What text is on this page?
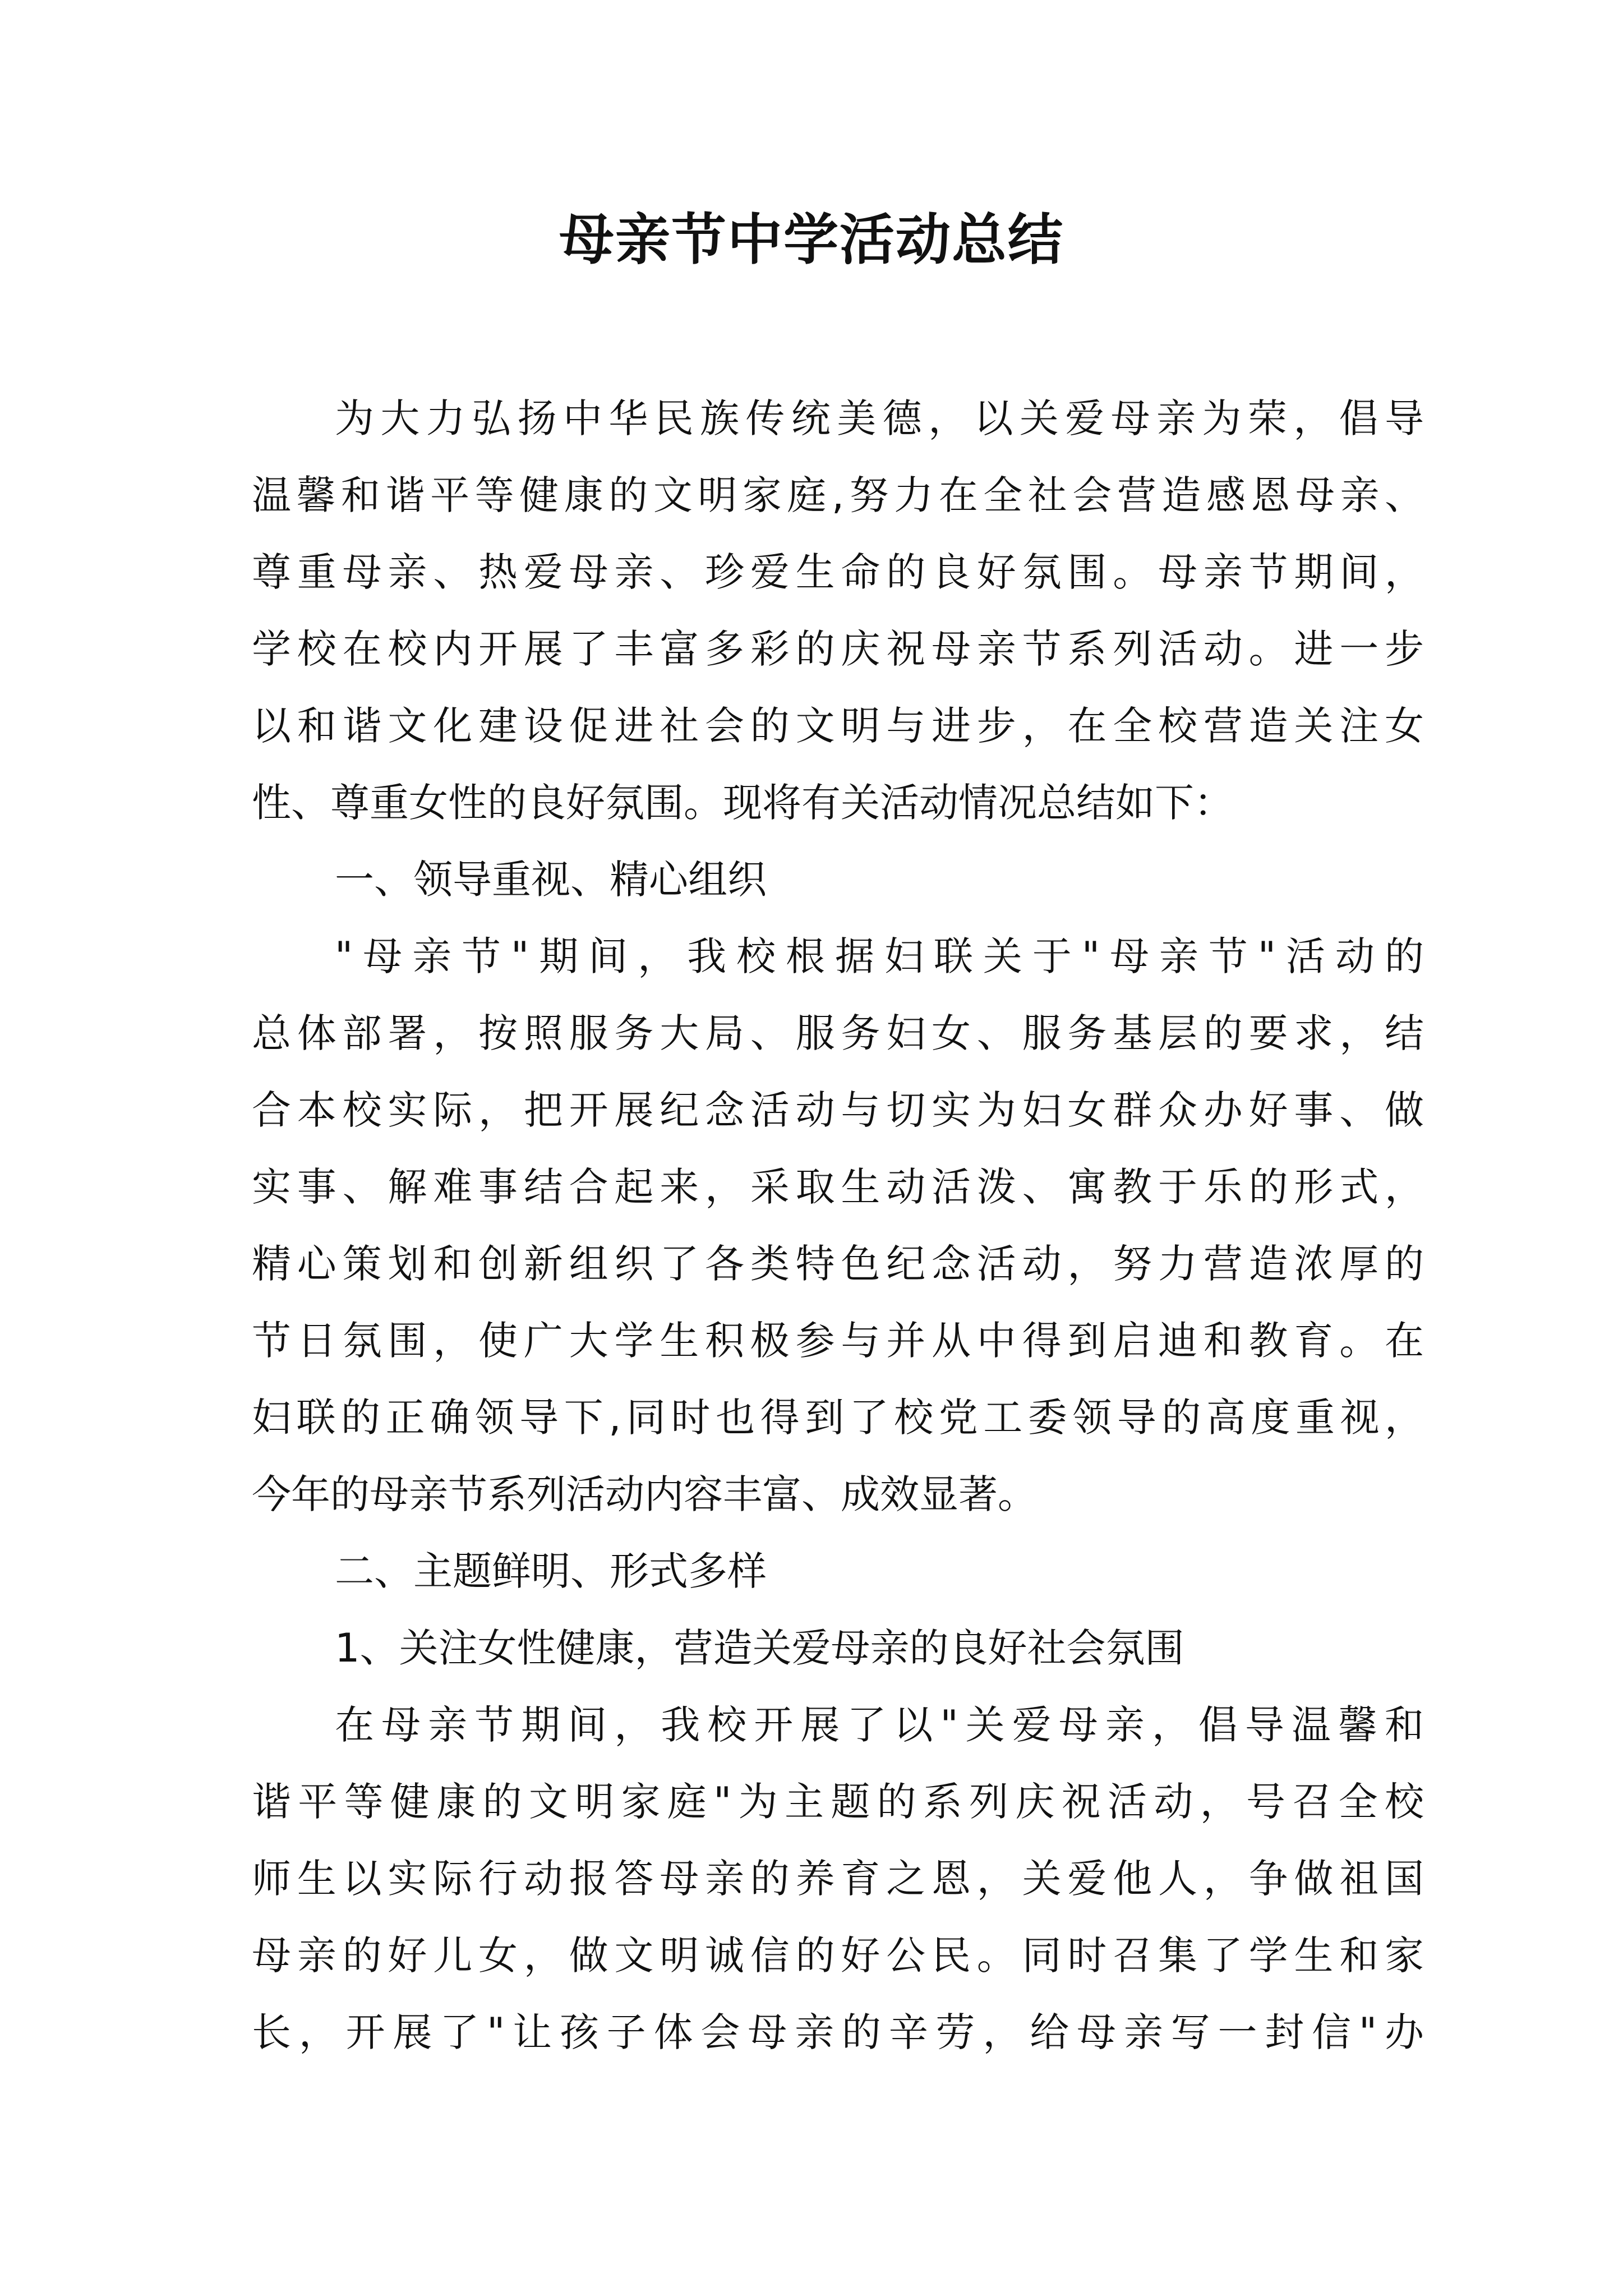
母亲节中学活动总结
为大力弘扬中华民族传统美德，以关爱母亲为荣，倡导
温馨和谐平等健康的文明家庭,努力在全社会营造感恩母亲、
尊重母亲、热爱母亲、珍爱生命的良好氛围。母亲节期间，
学校在校内开展了丰富多彩的庆祝母亲节系列活动。进一步
以和谐文化建设促进社会的文明与进步，在全校营造关注女
性、尊重女性的良好氛围。现将有关活动情况总结如下：
一、领导重视、精心组织
"母亲节"期间，我校根据妇联关于"母亲节"活动的
总体部署，按照服务大局、服务妇女、服务基层的要求，结
合本校实际，把开展纪念活动与切实为妇女群众办好事、做
实事、解难事结合起来，采取生动活泼、寓教于乐的形式，
精心策划和创新组织了各类特色纪念活动，努力营造浓厚的
节日氛围，使广大学生积极参与并从中得到启迪和教育。在
妇联的正确领导下,同时也得到了校党工委领导的高度重视，
今年的母亲节系列活动内容丰富、成效显著。
二、主题鲜明、形式多样
1、关注女性健康，营造关爱母亲的良好社会氛围
在母亲节期间，我校开展了以"关爱母亲，倡导温馨和
谐平等健康的文明家庭"为主题的系列庆祝活动，号召全校
师生以实际行动报答母亲的养育之恩，关爱他人，争做祖国
母亲的好儿女，做文明诚信的好公民。同时召集了学生和家
长，开展了"让孩子体会母亲的辛劳，给母亲写一封信"办
